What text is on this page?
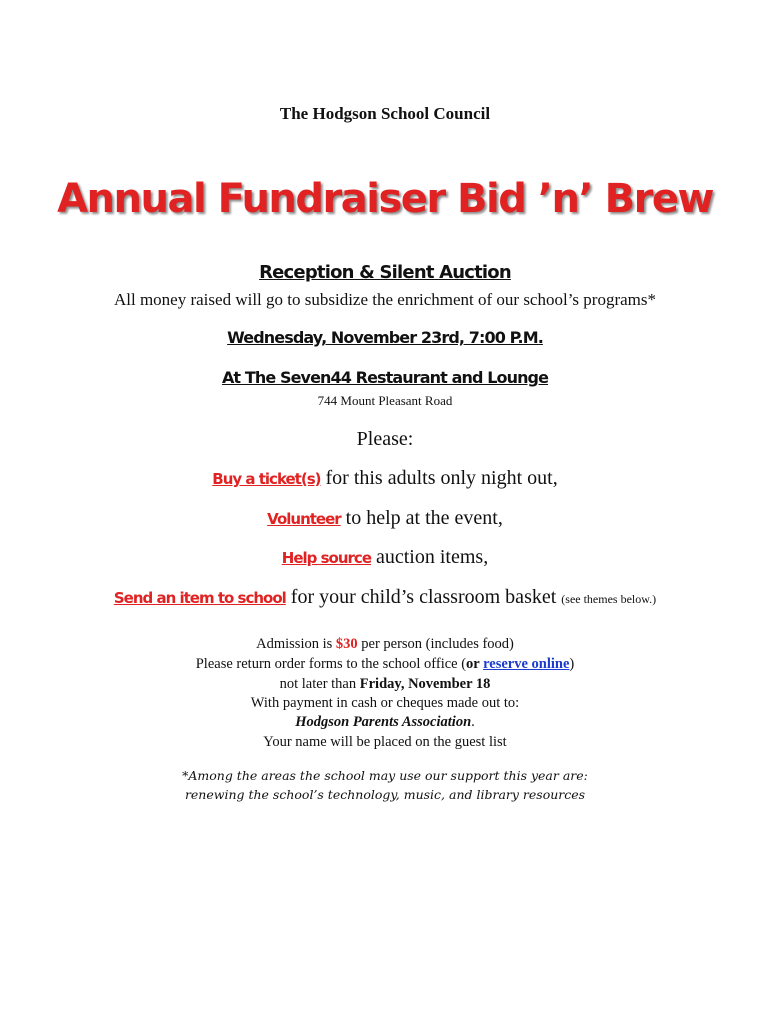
The Hodgson School Council
Annual Fundraiser Bid ’n’ Brew
Reception & Silent Auction
All money raised will go to subsidize the enrichment of our school’s programs*
Wednesday, November 23rd, 7:00 P.M.
At The Seven44 Restaurant and Lounge
744 Mount Pleasant Road
Please:
Buy a ticket(s) for this adults only night out,
Volunteer to help at the event,
Help source auction items,
Send an item to school for your child’s classroom basket (see themes below.)
Admission is $30 per person (includes food)
Please return order forms to the school office (or reserve online)
not later than Friday, November 18
With payment in cash or cheques made out to:
Hodgson Parents Association.
Your name will be placed on the guest list
*Among the areas the school may use our support this year are:
renewing the school’s technology, music, and library resources
